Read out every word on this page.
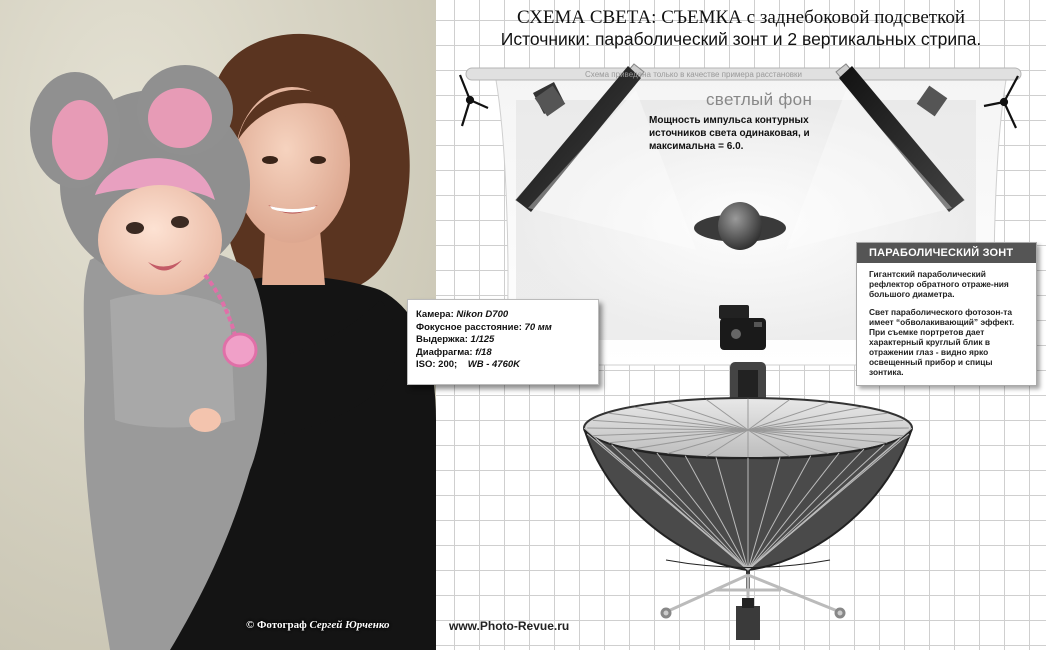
СХЕМА СВЕТА: СЪЕМКА с заднебоковой подсветкой
Источники: параболический зонт и 2 вертикальных стрипа.
Схема приведена только в качестве примера расстановки
светлый фон
Мощность импульса контурных источников света одинаковая, и максимальна = 6.0.
ПАРАБОЛИЧЕСКИЙ ЗОНТ

Гигантский параболический рефлектор обратного отраже-ния большого диаметра.

Свет параболического фотозон-та имеет “обволакивающий” эффект. При съемке портретов дает характерный круглый блик в отражении глаз - видно ярко освещенный прибор и спицы зонтика.

Камера: Nikon D700
Фокусное расстояние: 70 мм
Выдержка: 1/125
Диафрагма: f/18
ISO: 200; WB - 4760K
© Фотограф Сергей Юрченко	www.Photo-Revue.ru
